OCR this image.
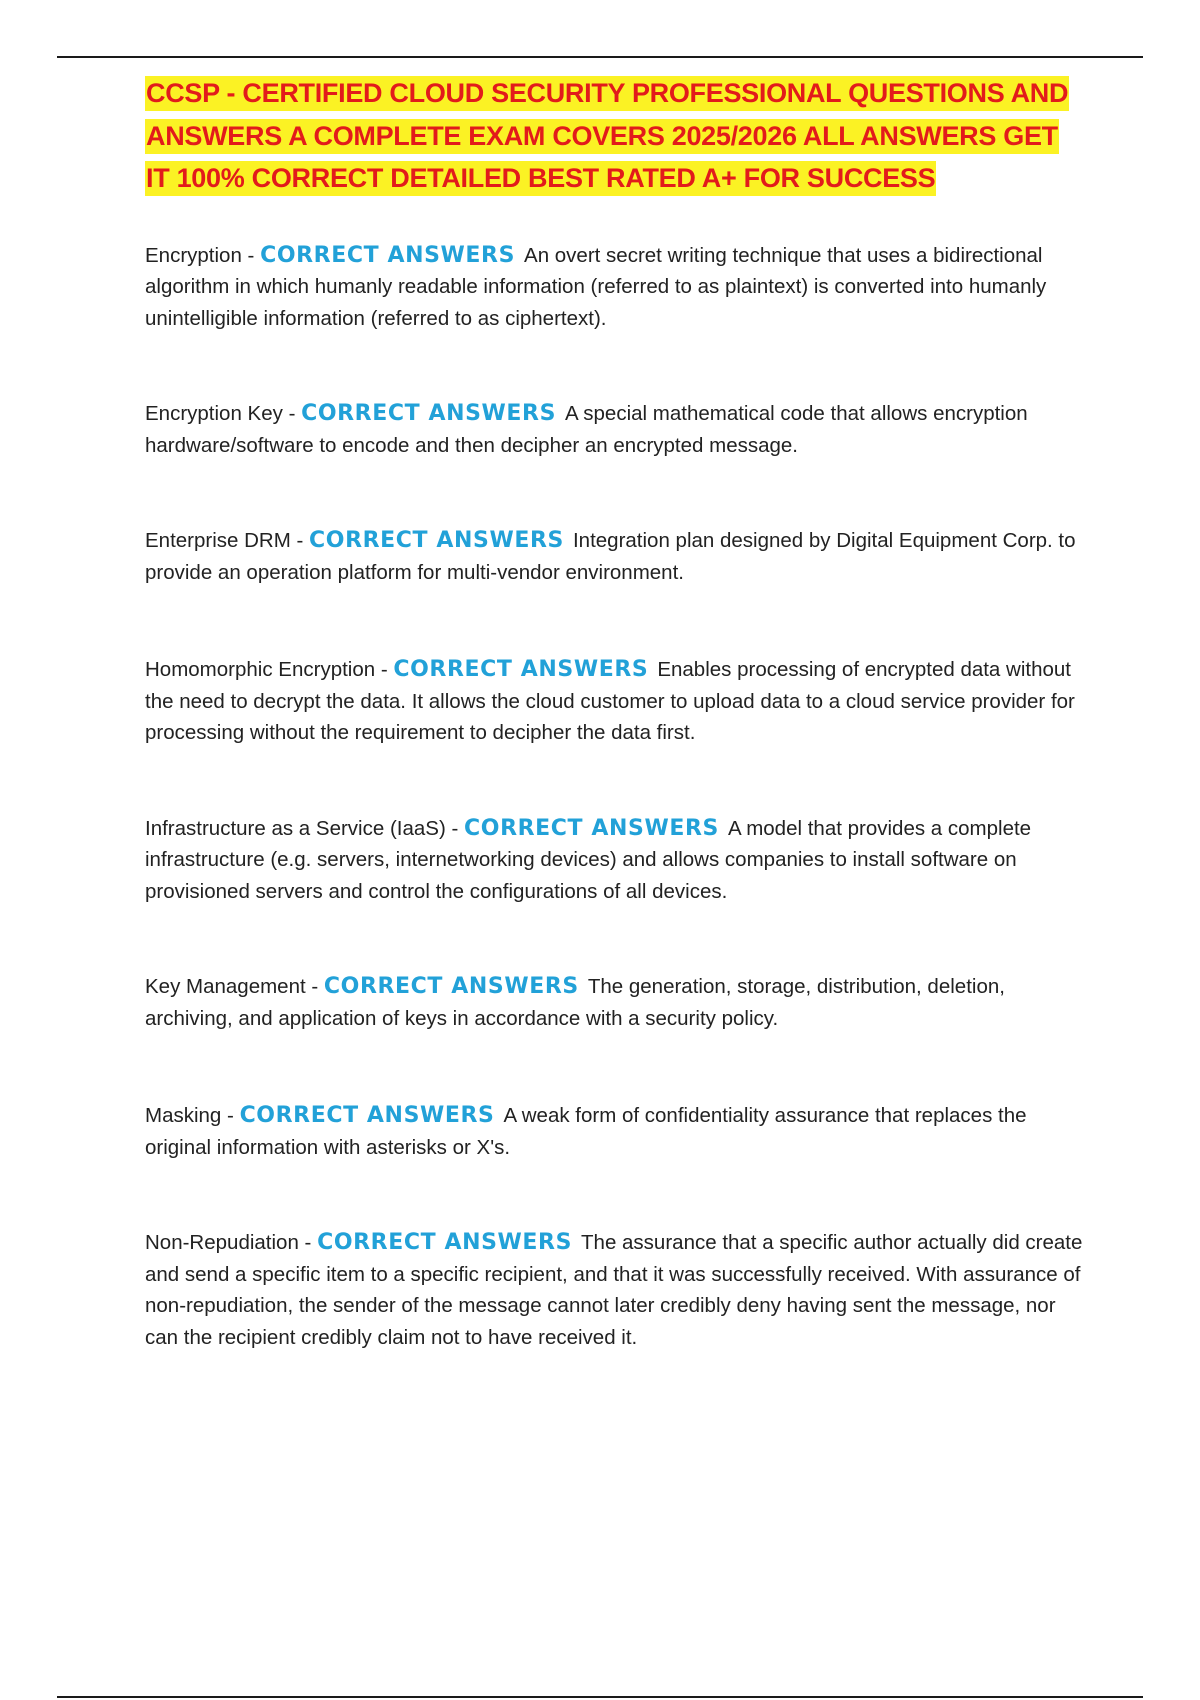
CCSP - CERTIFIED CLOUD SECURITY PROFESSIONAL QUESTIONS AND ANSWERS A COMPLETE EXAM COVERS 2025/2026 ALL ANSWERS GET IT 100% CORRECT DETAILED BEST RATED A+ FOR SUCCESS

Encryption - CORRECT ANSWERS An overt secret writing technique that uses a bidirectional algorithm in which humanly readable information (referred to as plaintext) is converted into humanly unintelligible information (referred to as ciphertext).

Encryption Key - CORRECT ANSWERS A special mathematical code that allows encryption hardware/software to encode and then decipher an encrypted message.

Enterprise DRM - CORRECT ANSWERS Integration plan designed by Digital Equipment Corp. to provide an operation platform for multi-vendor environment.

Homomorphic Encryption - CORRECT ANSWERS Enables processing of encrypted data without the need to decrypt the data. It allows the cloud customer to upload data to a cloud service provider for processing without the requirement to decipher the data first.

Infrastructure as a Service (IaaS) - CORRECT ANSWERS A model that provides a complete infrastructure (e.g. servers, internetworking devices) and allows companies to install software on provisioned servers and control the configurations of all devices.

Key Management - CORRECT ANSWERS The generation, storage, distribution, deletion, archiving, and application of keys in accordance with a security policy.

Masking - CORRECT ANSWERS A weak form of confidentiality assurance that replaces the original information with asterisks or X's.

Non-Repudiation - CORRECT ANSWERS The assurance that a specific author actually did create and send a specific item to a specific recipient, and that it was successfully received. With assurance of non-repudiation, the sender of the message cannot later credibly deny having sent the message, nor can the recipient credibly claim not to have received it.
